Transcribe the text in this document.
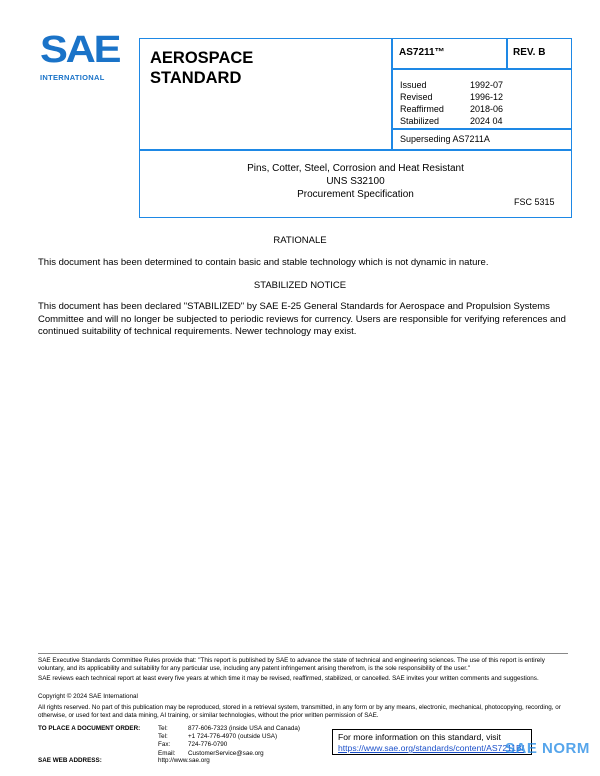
SAE
INTERNATIONAL
AEROSPACE
STANDARD
AS7211™	REV. B
Issued	1992-07
Revised	1996-12
Reaffirmed	2018-06
Stabilized	2024 04
Superseding AS7211A
Pins, Cotter, Steel, Corrosion and Heat Resistant
UNS S32100
Procurement Specification
FSC 5315
RATIONALE
This document has been determined to contain basic and stable technology which is not dynamic in nature.
STABILIZED NOTICE
This document has been declared "STABILIZED" by SAE E-25 General Standards for Aerospace and Propulsion Systems Committee and will no longer be subjected to periodic reviews for currency. Users are responsible for verifying references and continued suitability of technical requirements. Newer technology may exist.
SAE Executive Standards Committee Rules provide that: "This report is published by SAE to advance the state of technical and engineering sciences. The use of this report is entirely voluntary, and its applicability and suitability for any particular use, including any patent infringement arising therefrom, is the sole responsibility of the user."
SAE reviews each technical report at least every five years at which time it may be revised, reaffirmed, stabilized, or cancelled. SAE invites your written comments and suggestions.
Copyright © 2024 SAE International
All rights reserved. No part of this publication may be reproduced, stored in a retrieval system, transmitted, in any form or by any means, electronic, mechanical, photocopying, recording, or otherwise, or used for text and data mining, AI training, or similar technologies, without the prior written permission of SAE.
TO PLACE A DOCUMENT ORDER:	Tel:	877-606-7323 (inside USA and Canada)
Tel:	+1 724-776-4970 (outside USA)
Fax:	724-776-0790
Email:	CustomerService@sae.org
SAE WEB ADDRESS:	http://www.sae.org
For more information on this standard, visit
https://www.sae.org/standards/content/AS7211B/
SAE NORM
